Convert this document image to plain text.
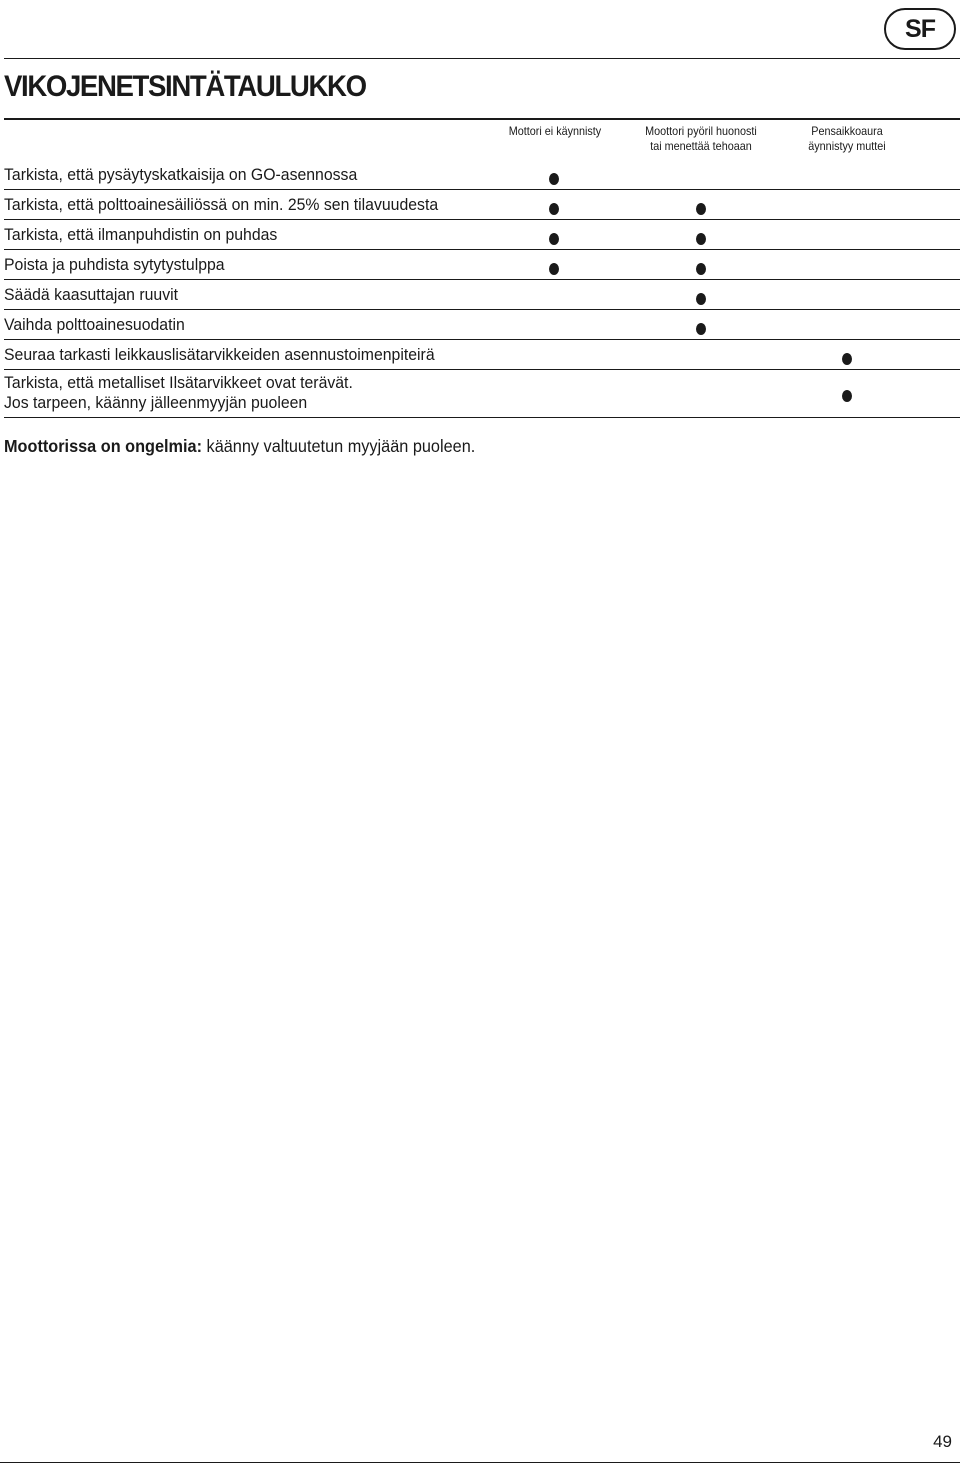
SF
VIKOJENETSINTÄTAULUKKO
Mottori ei käynnisty	Moottori pyöril huonosti
tai menettää tehoaan
Pensaikkoaura
äynnistyy muttei
Tarkista, että pysäytyskatkaisija on GO-asennossa
Tarkista, että polttoainesäiliössä on min. 25% sen tilavuudesta
Tarkista, että ilmanpuhdistin on puhdas
Poista ja puhdista sytytystulppa
Säädä kaasuttajan ruuvit
Vaihda polttoainesuodatin
Seuraa tarkasti leikkauslisätarvikkeiden asennustoimenpiteirä
Tarkista, että metalliset Ilsätarvikkeet ovat terävät.
Jos tarpeen, käänny jälleenmyyjän puoleen
Moottorissa on ongelmia: käänny valtuutetun myyjään puoleen.
49
